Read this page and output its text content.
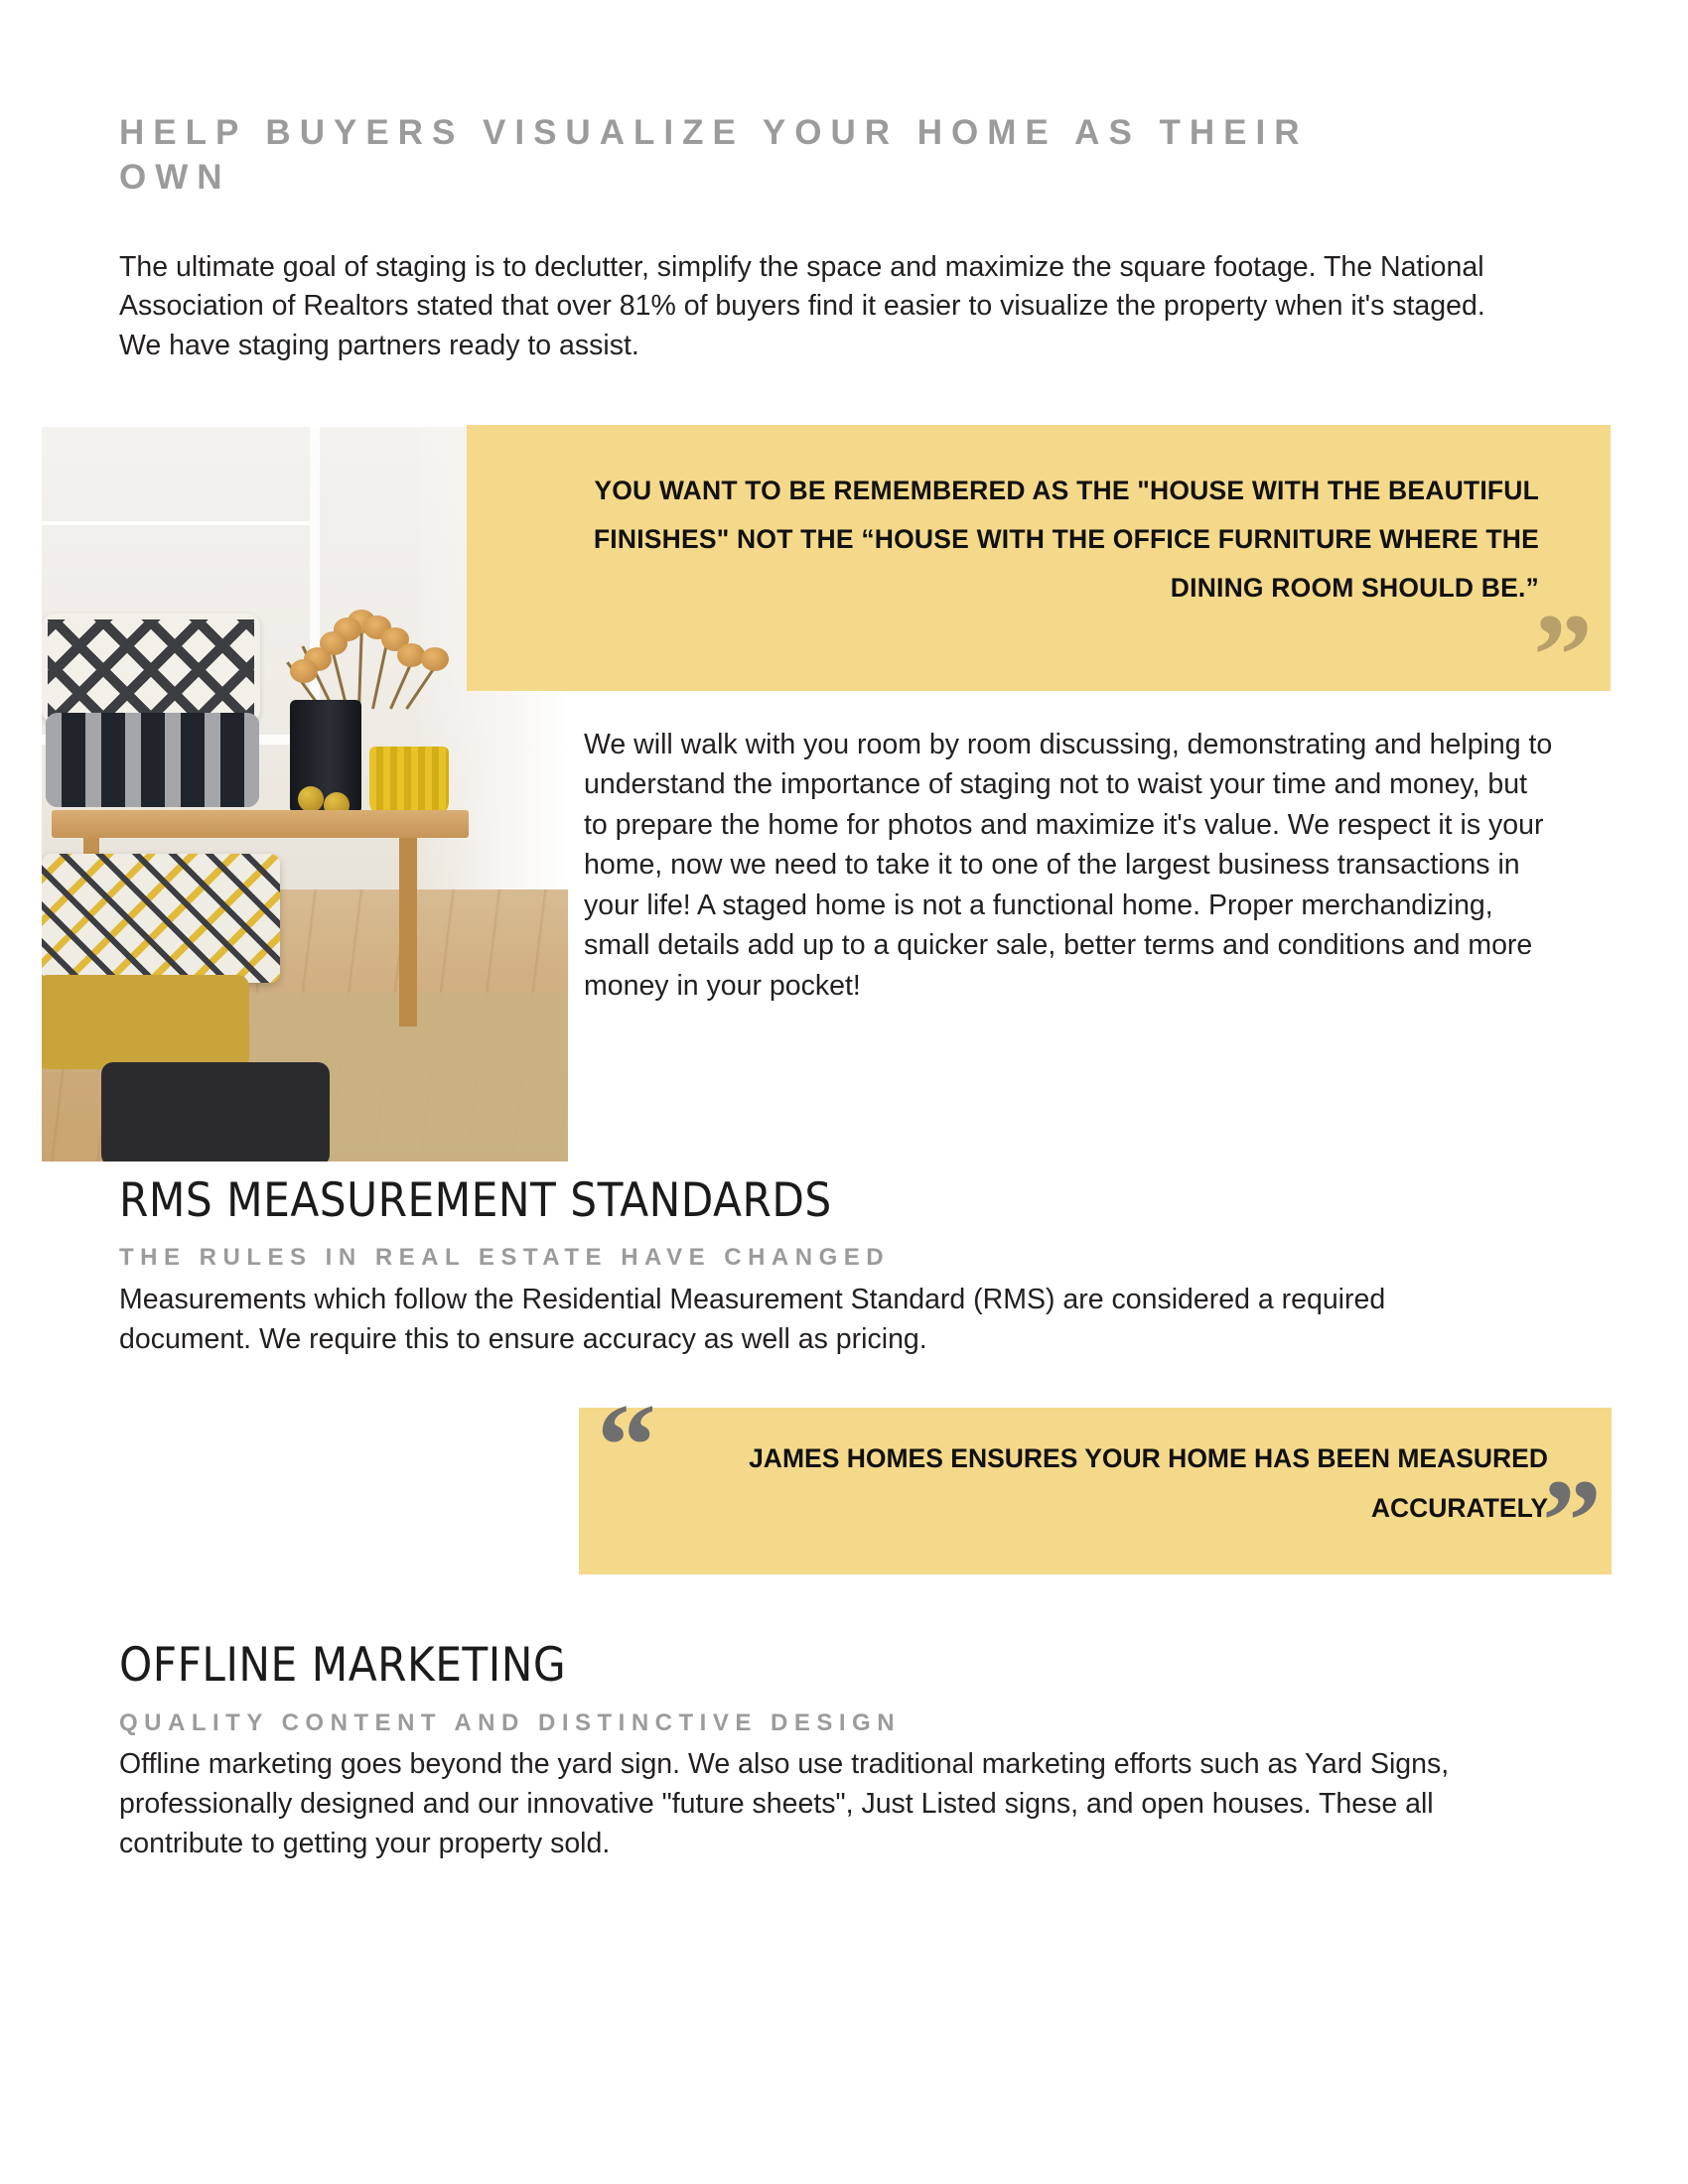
HELP BUYERS VISUALIZE YOUR HOME AS THEIR OWN
The ultimate goal of staging is to declutter, simplify the space and maximize the square footage. The National Association of Realtors stated that over 81% of buyers find it easier to visualize the property when it's staged. We have staging partners ready to assist.
YOU WANT TO BE REMEMBERED AS THE "HOUSE WITH THE BEAUTIFUL FINISHES" NOT THE “HOUSE WITH THE OFFICE FURNITURE WHERE THE DINING ROOM SHOULD BE.”
”
We will walk with you room by room discussing, demonstrating and helping to understand the importance of staging not to waist your time and money, but to prepare the home for photos and maximize it's value. We respect it is your home, now we need to take it to one of the largest business transactions in your life! A staged home is not a functional home. Proper merchandizing, small details add up to a quicker sale, better terms and conditions and more money in your pocket!
RMS MEASUREMENT STANDARDS
THE RULES IN REAL ESTATE HAVE CHANGED
Measurements which follow the Residential Measurement Standard (RMS) are considered a required document. We require this to ensure accuracy as well as pricing.
“	JAMES HOMES ENSURES YOUR HOME HAS BEEN MEASURED ACCURATELY
”
OFFLINE MARKETING
QUALITY CONTENT AND DISTINCTIVE DESIGN
Offline marketing goes beyond the yard sign. We also use traditional marketing efforts such as Yard Signs, professionally designed and our innovative "future sheets", Just Listed signs, and open houses. These all contribute to getting your property sold.
